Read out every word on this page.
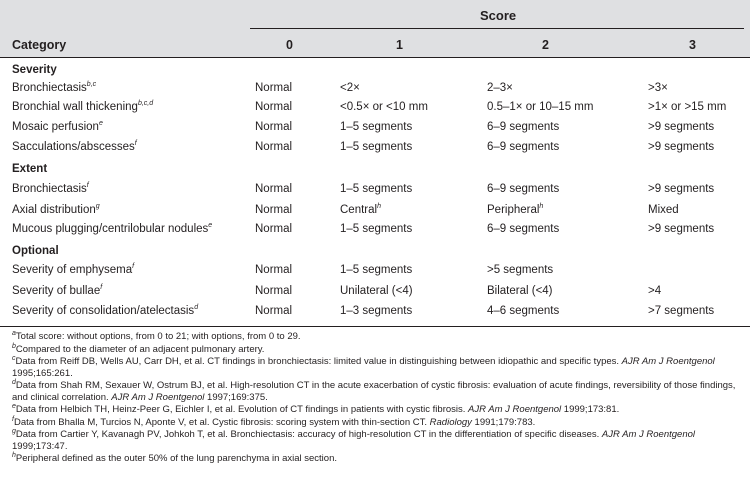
Score
Category	0	1	2	3
Severity
Bronchiectasis$^{b,c}$	Normal	<2×	2–3×	>3×
Bronchial wall thickening$^{b,c,d}$	Normal	<0.5× or <10 mm	0.5–1× or 10–15 mm	>1× or >15 mm
Mosaic perfusion$^e$	Normal	1–5 segments	6–9 segments	>9 segments
Sacculations/abscesses$^f$	Normal	1–5 segments	6–9 segments	>9 segments
Extent
Bronchiectasis$^f$	Normal	1–5 segments	6–9 segments	>9 segments
Axial distribution$^g$	Normal	Central$^h$	Peripheral$^h$	Mixed
Mucous plugging/centrilobular nodules$^e$	Normal	1–5 segments	6–9 segments	>9 segments
Optional
Severity of emphysema$^f$	Normal	1–5 segments	>5 segments
Severity of bullae$^f$	Normal	Unilateral (<4)	Bilateral (<4)	>4
Severity of consolidation/atelectasis$^d$	Normal	1–3 segments	4–6 segments	>7 segments

$^a$Total score: without options, from 0 to 21; with options, from 0 to 29.

$^b$Compared to the diameter of an adjacent pulmonary artery.

$^c$Data from Reiff DB, Wells AU, Carr DH, et al. CT findings in bronchiectasis: limited value in distinguishing between idiopathic and specific types. AJR Am J Roentgenol 1995;165:261.

$^d$Data from Shah RM, Sexauer W, Ostrum BJ, et al. High-resolution CT in the acute exacerbation of cystic fibrosis: evaluation of acute findings, reversibility of those findings, and clinical correlation. AJR Am J Roentgenol 1997;169:375.

$^e$Data from Helbich TH, Heinz-Peer G, Eichler I, et al. Evolution of CT findings in patients with cystic fibrosis. AJR Am J Roentgenol 1999;173:81.

$^f$Data from Bhalla M, Turcios N, Aponte V, et al. Cystic fibrosis: scoring system with thin-section CT. Radiology 1991;179:783.

$^g$Data from Cartier Y, Kavanagh PV, Johkoh T, et al. Bronchiectasis: accuracy of high-resolution CT in the differentiation of specific diseases. AJR Am J Roentgenol 1999;173:47.

$^h$Peripheral defined as the outer 50% of the lung parenchyma in axial section.
